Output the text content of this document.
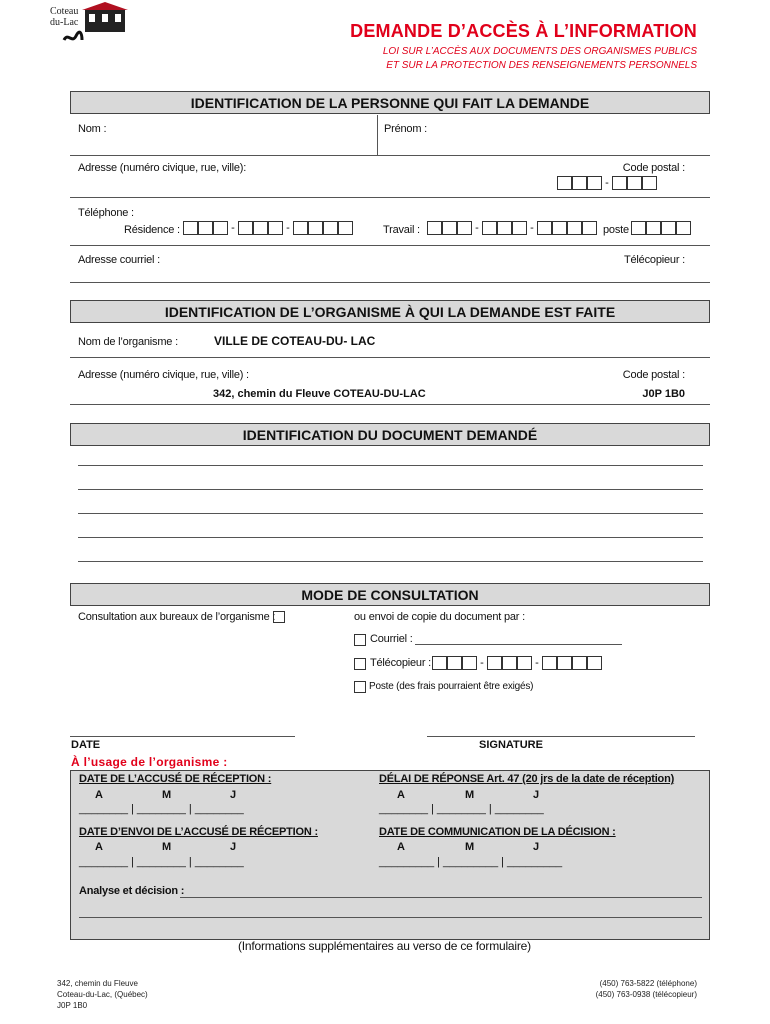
Coteau
du-Lac	DEMANDE D’ACCÈS À L’INFORMATION
LOI SUR L’ACCÈS AUX DOCUMENTS DES ORGANISMES PUBLICS
ET SUR LA PROTECTION DES RENSEIGNEMENTS PERSONNELS
IDENTIFICATION DE LA PERSONNE QUI FAIT LA DEMANDE
Nom :	Prénom :
Adresse (numéro civique, rue, ville):	Code postal :
-
Téléphone :
Résidence :	-	-	Travail :	-	-	poste
Adresse courriel :	Télécopieur :
IDENTIFICATION DE L’ORGANISME À QUI LA DEMANDE EST FAITE
Nom de l’organisme :	VILLE DE COTEAU-DU- LAC
Adresse (numéro civique, rue, ville) :	Code postal :
342, chemin du Fleuve COTEAU-DU-LAC	J0P 1B0
IDENTIFICATION DU DOCUMENT DEMANDÉ
MODE DE CONSULTATION
Consultation aux bureaux de l’organisme :	ou envoi de copie du document par :
Courriel :
Télécopieur :	-	-
Poste (des frais pourraient être exigés)
DATE	SIGNATURE
À l’usage de l’organisme :
DATE DE L’ACCUSÉ DE RÉCEPTION :
A	M	J
________ | ________ | ________
DÉLAI DE RÉPONSE Art. 47 (20 jrs de la date de réception)
A	M	J
________ | ________ | ________
DATE D’ENVOI DE L’ACCUSÉ DE RÉCEPTION :
A	M	J
________ | ________ | ________
DATE DE COMMUNICATION DE LA DÉCISION :
A	M	J
_________ | _________ | _________
Analyse et décision :
(Informations supplémentaires au verso de ce formulaire)
342, chemin du Fleuve
Coteau-du-Lac, (Québec)
J0P 1B0
(450) 763-5822 (téléphone)
(450) 763-0938 (télécopieur)
